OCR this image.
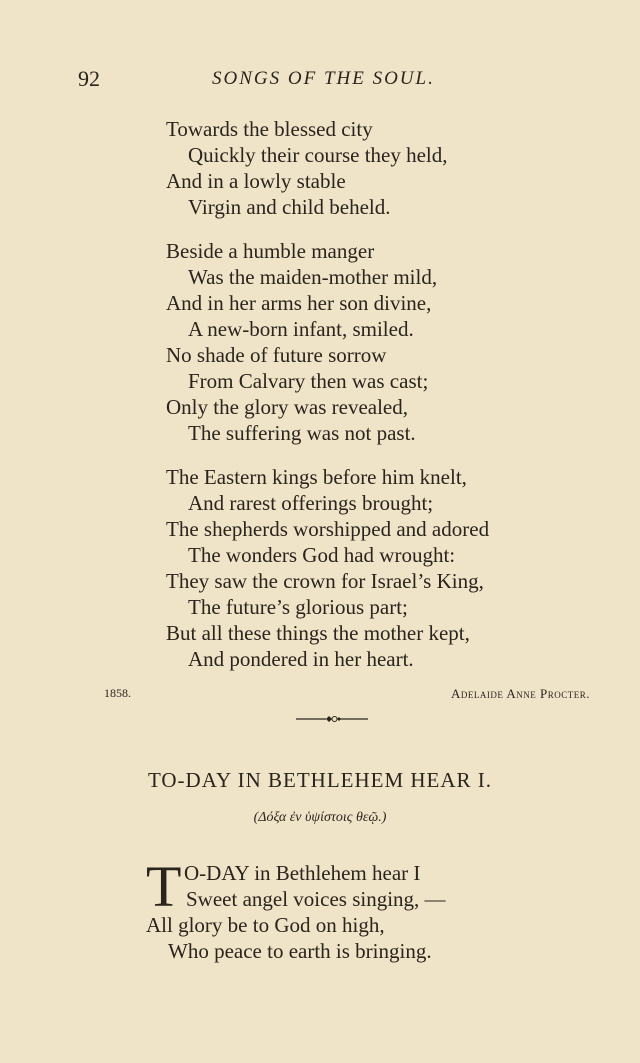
92	SONGS OF THE SOUL.
Towards the blessed city
Quickly their course they held,
And in a lowly stable
Virgin and child beheld.
Beside a humble manger
Was the maiden-mother mild,
And in her arms her son divine,
A new-born infant, smiled.
No shade of future sorrow
From Calvary then was cast;
Only the glory was revealed,
The suffering was not past.
The Eastern kings before him knelt,
And rarest offerings brought;
The shepherds worshipped and adored
The wonders God had wrought:
They saw the crown for Israel’s King,
The future’s glorious part;
But all these things the mother kept,
And pondered in her heart.
1858.	Adelaide Anne Procter.
TO-DAY IN BETHLEHEM HEAR I.
(Δόξα ἐν ὑψίστοις θεῷ.)
T O-DAY in Bethlehem hear I
Sweet angel voices singing, —
All glory be to God on high,
Who peace to earth is bringing.
